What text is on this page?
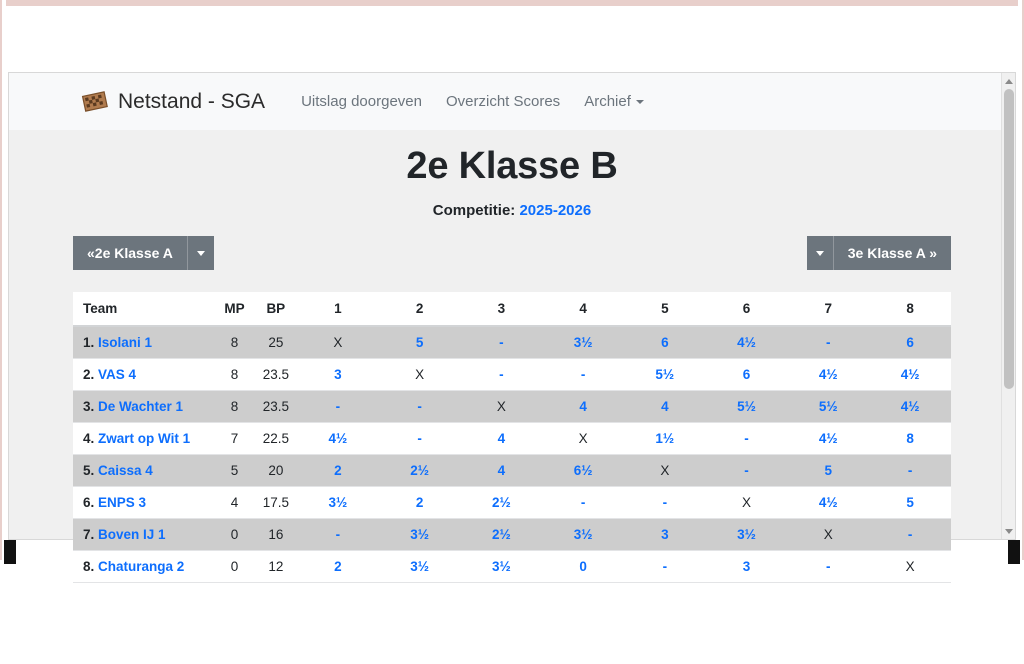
Netstand - SGA Uitslag doorgeven Overzicht Scores Archief
2e Klasse B
Competitie: 2025-2026
«2e Klasse A	3e Klasse A »
Team	MP	BP	1	2	3	4	5	6	7	8
1. Isolani 1	8	25	X	5	-	3½	6	4½	-	6
2. VAS 4	8	23.5	3	X	-	-	5½	6	4½	4½
3. De Wachter 1	8	23.5	-	-	X	4	4	5½	5½	4½
4. Zwart op Wit 1	7	22.5	4½	-	4	X	1½	-	4½	8
5. Caissa 4	5	20	2	2½	4	6½	X	-	5	-
6. ENPS 3	4	17.5	3½	2	2½	-	-	X	4½	5
7. Boven IJ 1	0	16	-	3½	2½	3½	3	3½	X	-
8. Chaturanga 2	0	12	2	3½	3½	0	-	3	-	X
